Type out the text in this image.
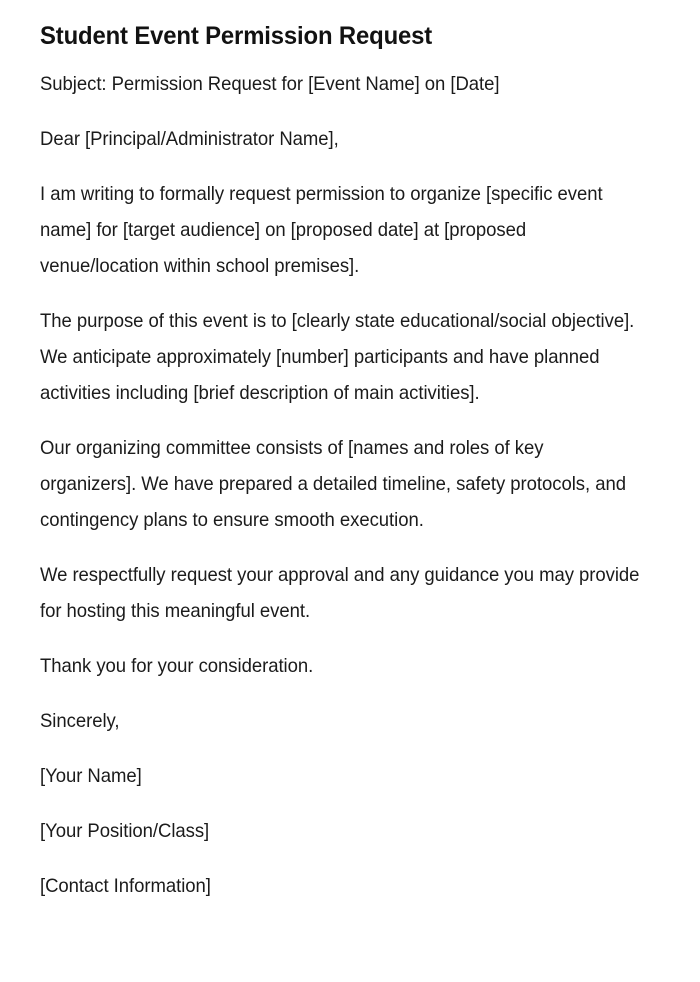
Student Event Permission Request

Subject: Permission Request for [Event Name] on [Date]

Dear [Principal/Administrator Name],

I am writing to formally request permission to organize [specific event name] for [target audience] on [proposed date] at [proposed venue/location within school premises].

The purpose of this event is to [clearly state educational/social objective]. We anticipate approximately [number] participants and have planned activities including [brief description of main activities].

Our organizing committee consists of [names and roles of key organizers]. We have prepared a detailed timeline, safety protocols, and contingency plans to ensure smooth execution.

We respectfully request your approval and any guidance you may provide for hosting this meaningful event.

Thank you for your consideration.

Sincerely,

[Your Name]

[Your Position/Class]

[Contact Information]
